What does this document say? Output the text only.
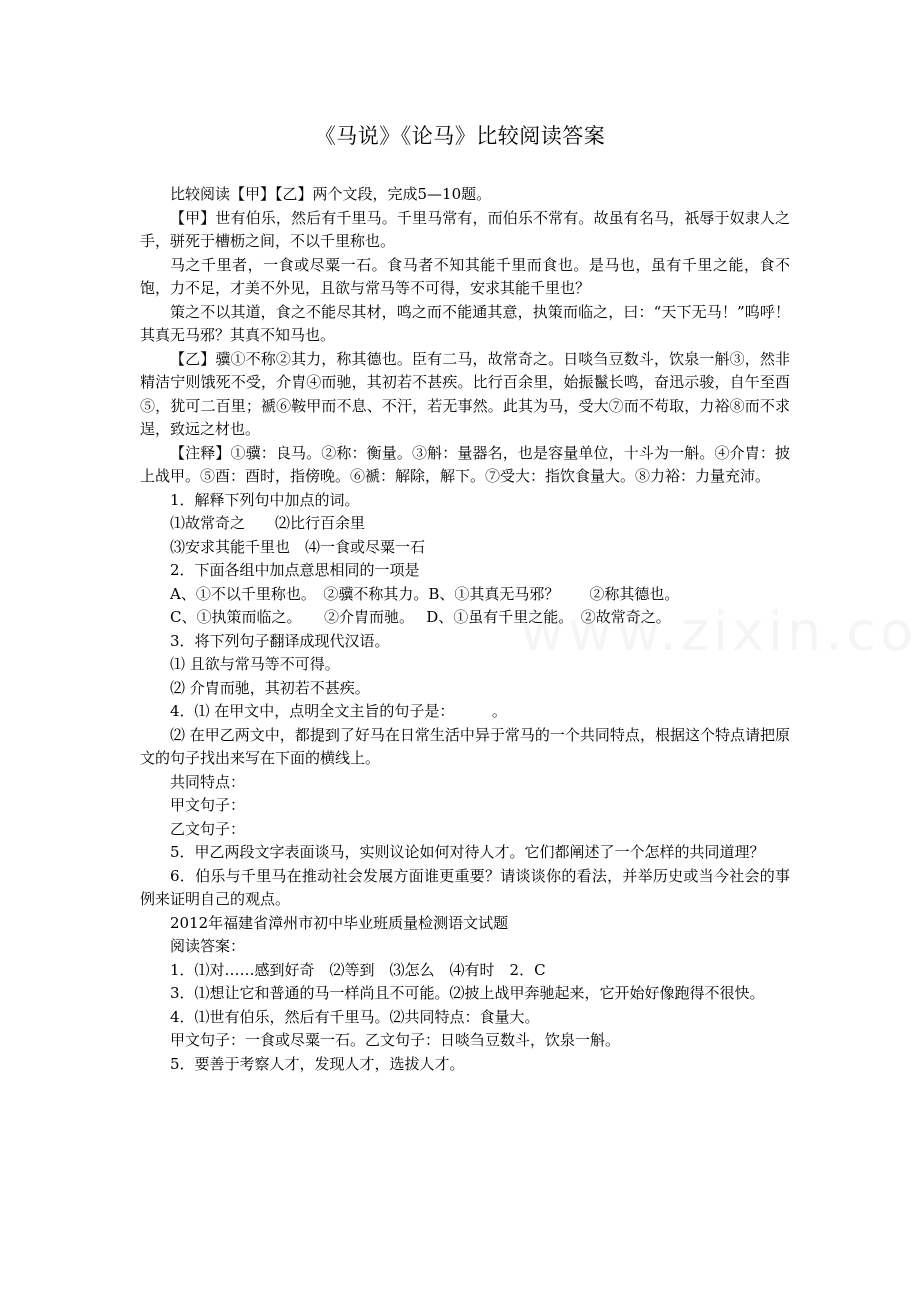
《马说》《论马》比较阅读答案

比较阅读【甲】【乙】两个文段，完成5—10题。

【甲】世有伯乐，然后有千里马。千里马常有，而伯乐不常有。故虽有名马，祇辱于奴隶人之手，骈死于槽枥之间，不以千里称也。

马之千里者，一食或尽粟一石。食马者不知其能千里而食也。是马也，虽有千里之能，食不饱，力不足，才美不外见，且欲与常马等不可得，安求其能千里也？

策之不以其道，食之不能尽其材，鸣之而不能通其意，执策而临之，曰：“天下无马！”呜呼！其真无马邪？其真不知马也。

【乙】骥①不称②其力，称其德也。臣有二马，故常奇之。日啖刍豆数斗，饮泉一斛③，然非精洁宁则饿死不受，介胄④而驰，其初若不甚疾。比行百余里，始振鬣长鸣，奋迅示骏，自午至酉⑤，犹可二百里；褫⑥鞍甲而不息、不汗，若无事然。此其为马，受大⑦而不苟取，力裕⑧而不求逞，致远之材也。

【注释】①骥：良马。②称：衡量。③斛：量器名，也是容量单位，十斗为一斛。④介胄：披上战甲。⑤酉：酉时，指傍晚。⑥褫：解除，解下。⑦受大：指饮食量大。⑧力裕：力量充沛。

1．解释下列句中加点的词。

⑴故常奇之　　⑵比行百余里

⑶安求其能千里也　⑷一食或尽粟一石

2．下面各组中加点意思相同的一项是

A、①不以千里称也。　②骥不称其力。B、①其真无马邪？　　②称其德也。

C、①执策而临之。　　②介胄而驰。　 D、①虽有千里之能。　②故常奇之。

3．将下列句子翻译成现代汉语。

⑴ 且欲与常马等不可得。

⑵ 介胄而驰，其初若不甚疾。

4．⑴ 在甲文中，点明全文主旨的句子是：　　　。

⑵ 在甲乙两文中，都提到了好马在日常生活中异于常马的一个共同特点，根据这个特点请把原文的句子找出来写在下面的横线上。

共同特点：

甲文句子：

乙文句子：

5．甲乙两段文字表面谈马，实则议论如何对待人才。它们都阐述了一个怎样的共同道理？

6．伯乐与千里马在推动社会发展方面谁更重要？请谈谈你的看法，并举历史或当今社会的事例来证明自己的观点。

2012年福建省漳州市初中毕业班质量检测语文试题

阅读答案：

1．⑴对……感到好奇　⑵等到　⑶怎么　⑷有时　2．C

3．⑴想让它和普通的马一样尚且不可能。⑵披上战甲奔驰起来，它开始好像跑得不很快。

4．⑴世有伯乐，然后有千里马。⑵共同特点：食量大。

甲文句子：一食或尽粟一石。乙文句子：日啖刍豆数斗，饮泉一斛。

5．要善于考察人才，发现人才，选拔人才。
